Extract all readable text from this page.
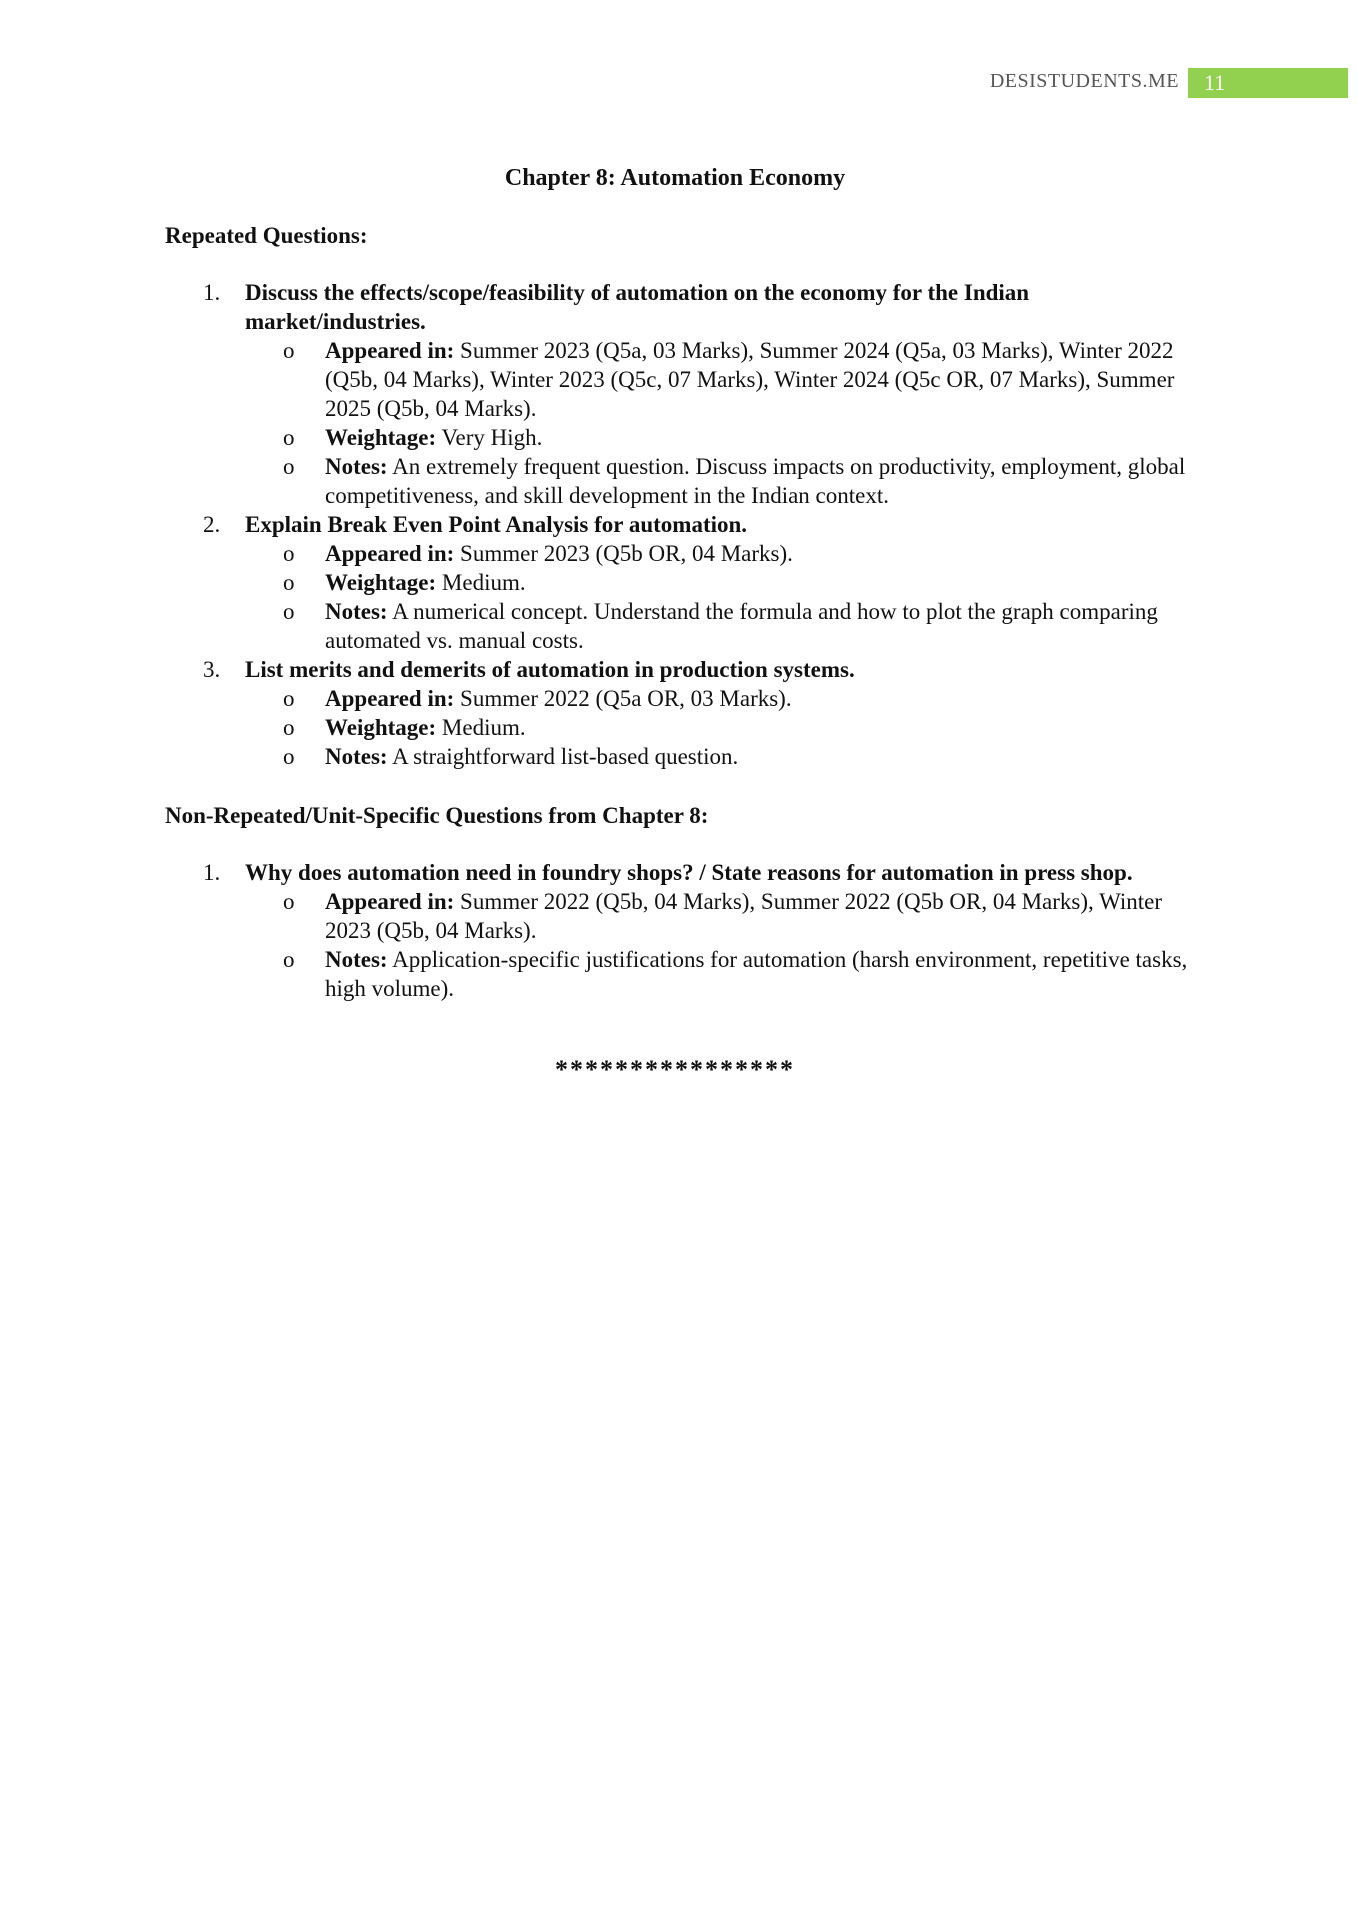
DESISTUDENTS.ME	11
Chapter 8: Automation Economy
Repeated Questions:
1. Discuss the effects/scope/feasibility of automation on the economy for the Indian market/industries.
o Appeared in: Summer 2023 (Q5a, 03 Marks), Summer 2024 (Q5a, 03 Marks), Winter 2022 (Q5b, 04 Marks), Winter 2023 (Q5c, 07 Marks), Winter 2024 (Q5c OR, 07 Marks), Summer 2025 (Q5b, 04 Marks).
o Weightage: Very High.
o Notes: An extremely frequent question. Discuss impacts on productivity, employment, global competitiveness, and skill development in the Indian context.
2. Explain Break Even Point Analysis for automation.
o Appeared in: Summer 2023 (Q5b OR, 04 Marks).
o Weightage: Medium.
o Notes: A numerical concept. Understand the formula and how to plot the graph comparing automated vs. manual costs.
3. List merits and demerits of automation in production systems.
o Appeared in: Summer 2022 (Q5a OR, 03 Marks).
o Weightage: Medium.
o Notes: A straightforward list-based question.
Non-Repeated/Unit-Specific Questions from Chapter 8:
1. Why does automation need in foundry shops? / State reasons for automation in press shop.
o Appeared in: Summer 2022 (Q5b, 04 Marks), Summer 2022 (Q5b OR, 04 Marks), Winter 2023 (Q5b, 04 Marks).
o Notes: Application-specific justifications for automation (harsh environment, repetitive tasks, high volume).
****************
